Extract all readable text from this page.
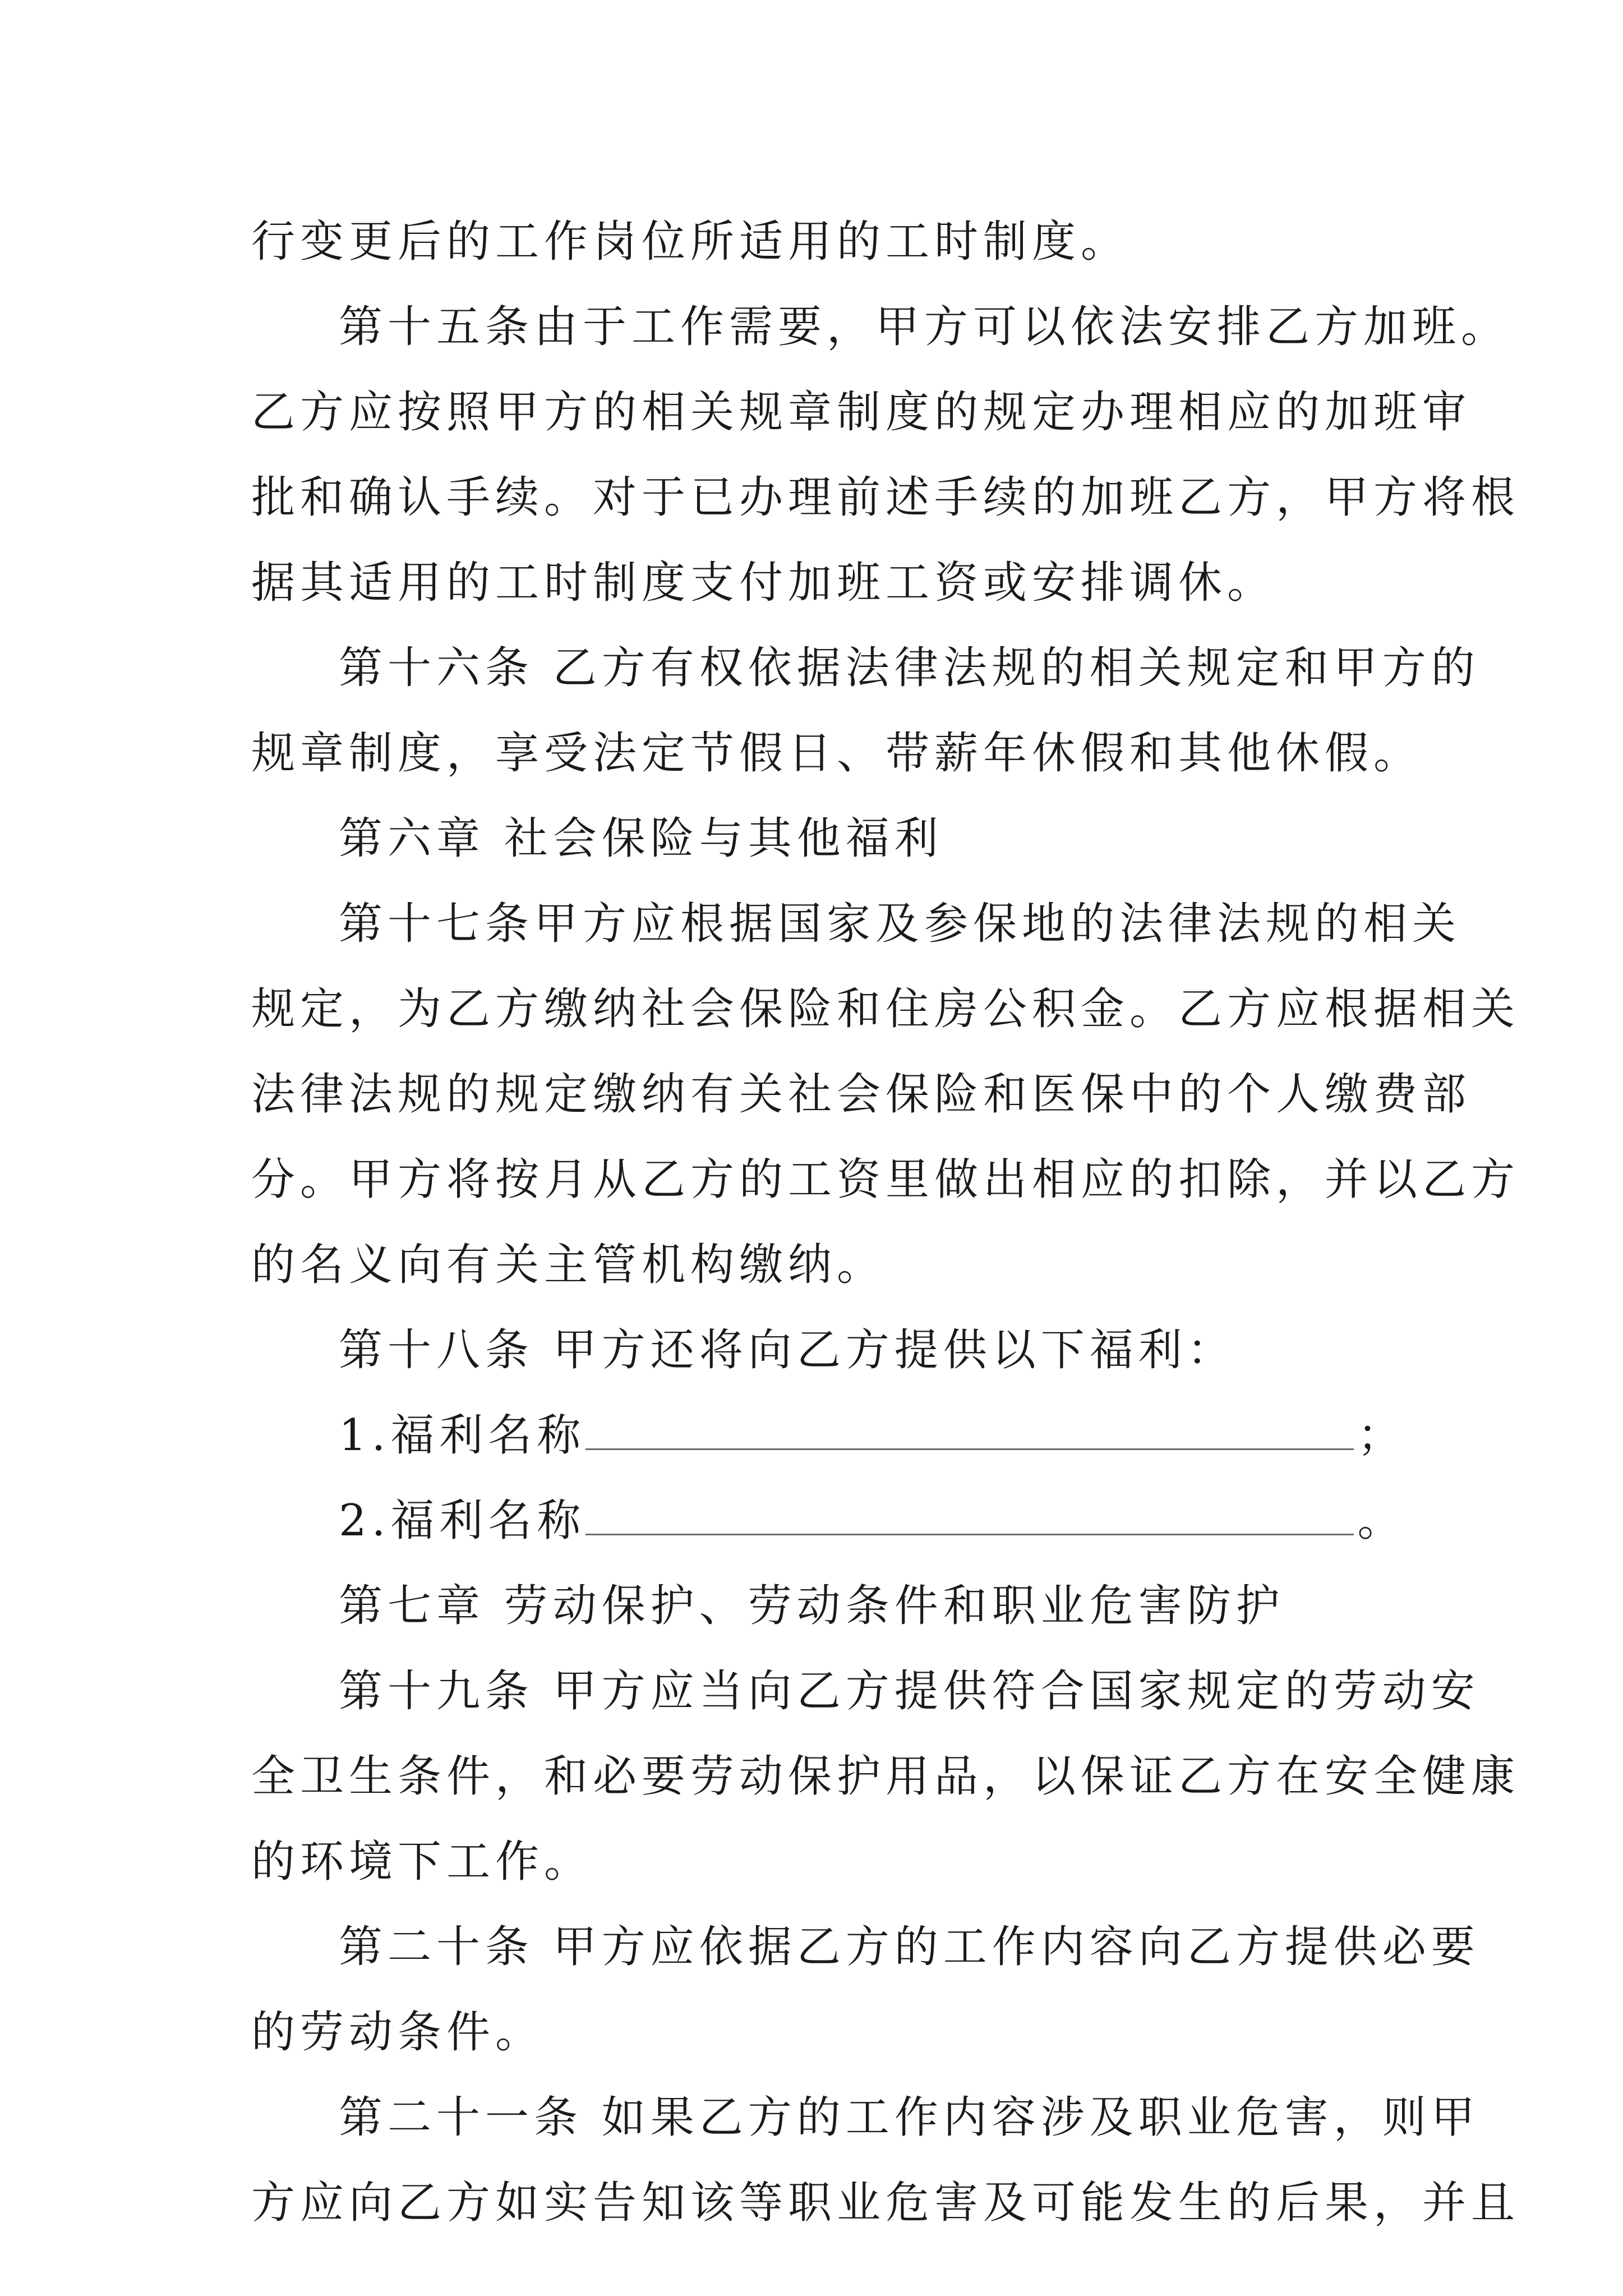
行变更后的工作岗位所适用的工时制度。
第十五条由于工作需要，甲方可以依法安排乙方加班。
乙方应按照甲方的相关规章制度的规定办理相应的加班审
批和确认手续。对于已办理前述手续的加班乙方，甲方将根
据其适用的工时制度支付加班工资或安排调休。
第十六条 乙方有权依据法律法规的相关规定和甲方的
规章制度，享受法定节假日、带薪年休假和其他休假。
第六章 社会保险与其他福利
第十七条甲方应根据国家及参保地的法律法规的相关
规定，为乙方缴纳社会保险和住房公积金。乙方应根据相关
法律法规的规定缴纳有关社会保险和医保中的个人缴费部
分。甲方将按月从乙方的工资里做出相应的扣除，并以乙方
的名义向有关主管机构缴纳。
第十八条 甲方还将向乙方提供以下福利：
1.福利名称	；
2.福利名称	。
第七章 劳动保护、劳动条件和职业危害防护
第十九条 甲方应当向乙方提供符合国家规定的劳动安
全卫生条件，和必要劳动保护用品，以保证乙方在安全健康
的环境下工作。
第二十条 甲方应依据乙方的工作内容向乙方提供必要
的劳动条件。
第二十一条 如果乙方的工作内容涉及职业危害，则甲
方应向乙方如实告知该等职业危害及可能发生的后果，并且
